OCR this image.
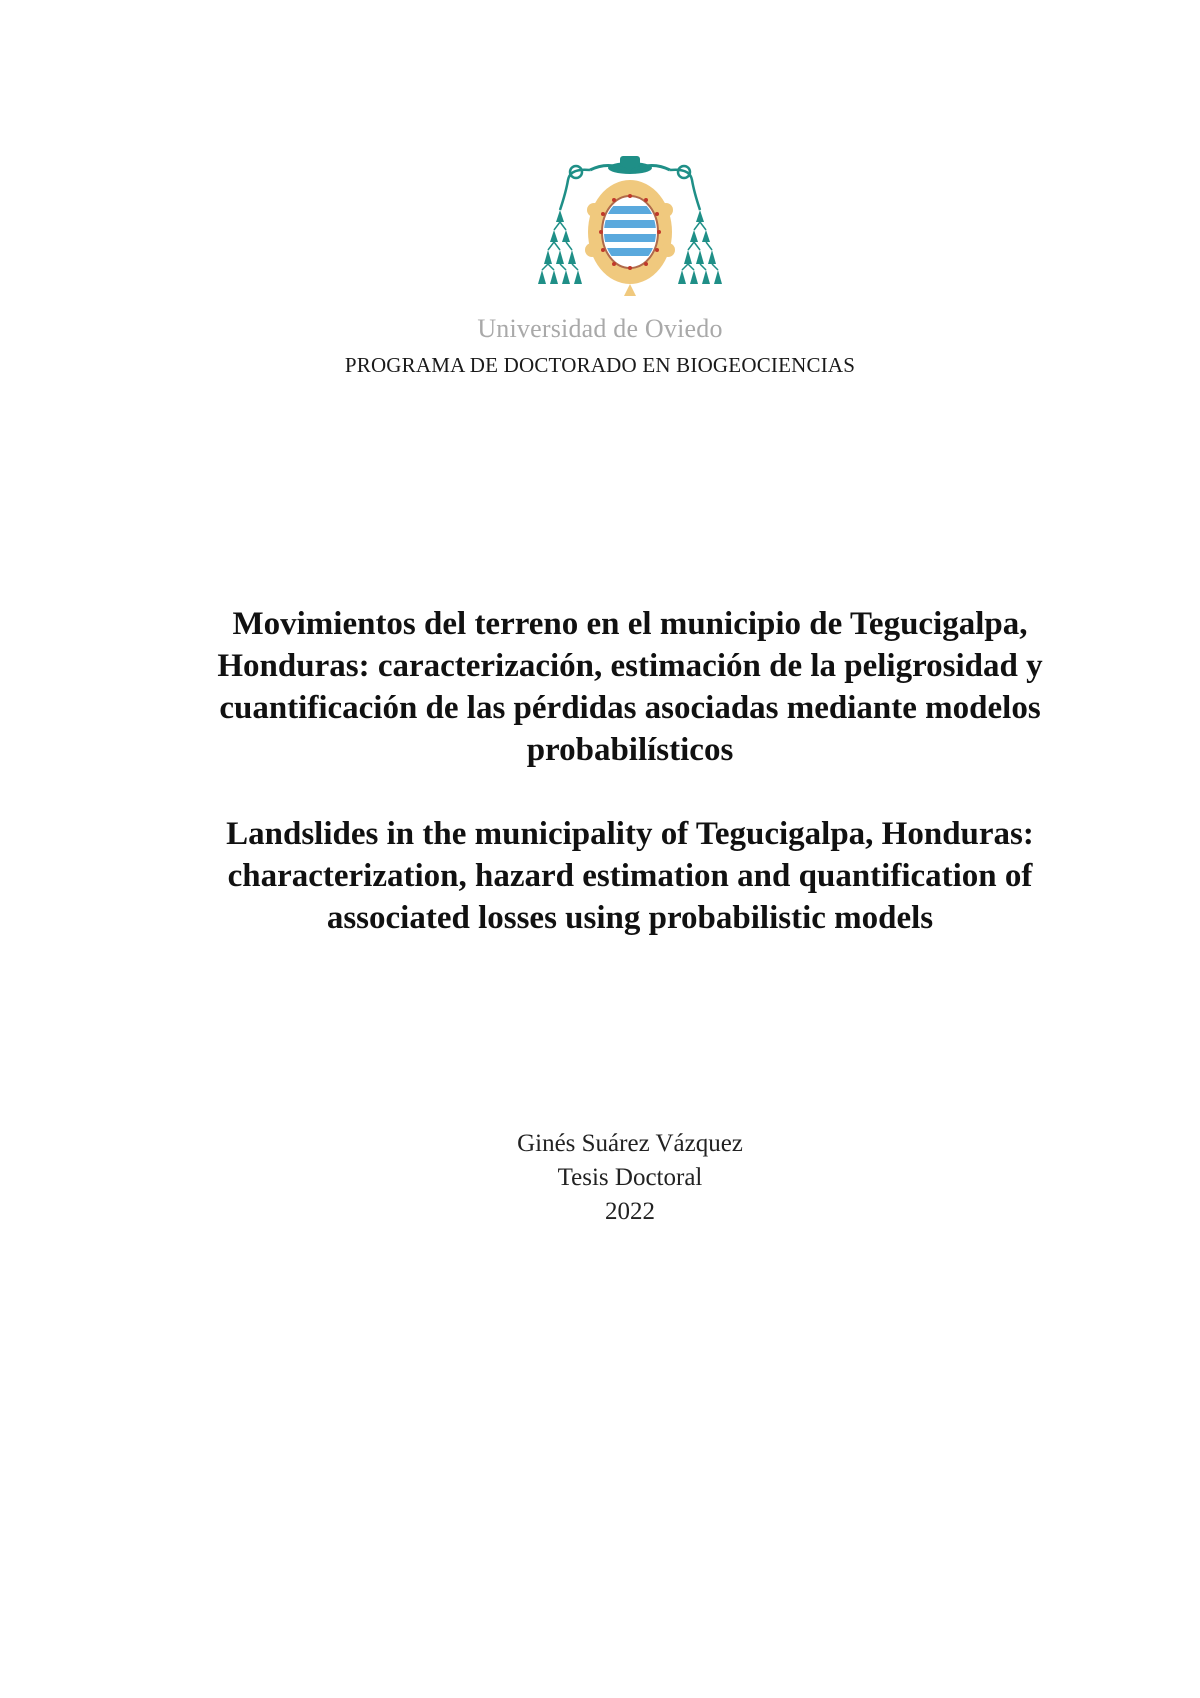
Universidad de Oviedo
PROGRAMA DE DOCTORADO EN BIOGEOCIENCIAS
Movimientos del terreno en el municipio de Tegucigalpa,
Honduras: caracterización, estimación de la peligrosidad y
cuantificación de las pérdidas asociadas mediante modelos
probabilísticos
Landslides in the municipality of Tegucigalpa, Honduras:
characterization, hazard estimation and quantification of
associated losses using probabilistic models
Ginés Suárez Vázquez
Tesis Doctoral
2022
